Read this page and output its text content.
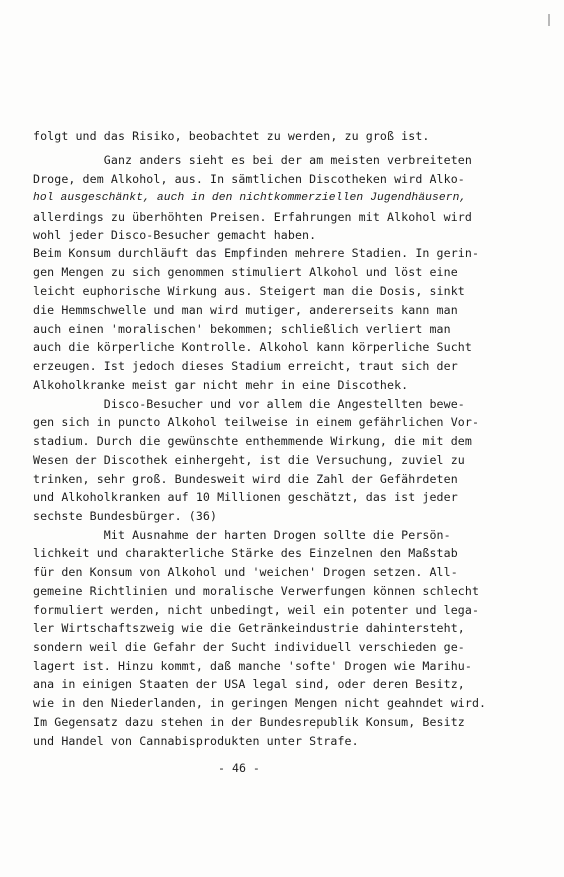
folgt und das Risiko, beobachtet zu werden, zu groß ist.
Ganz anders sieht es bei der am meisten verbreiteten
Droge, dem Alkohol, aus. In sämtlichen Discotheken wird Alko-
hol ausgeschänkt, auch in den nichtkommerziellen Jugendhäusern,
allerdings zu überhöhten Preisen. Erfahrungen mit Alkohol wird
wohl jeder Disco-Besucher gemacht haben.
Beim Konsum durchläuft das Empfinden mehrere Stadien. In gerin-
gen Mengen zu sich genommen stimuliert Alkohol und löst eine
leicht euphorische Wirkung aus. Steigert man die Dosis, sinkt
die Hemmschwelle und man wird mutiger, andererseits kann man
auch einen 'moralischen' bekommen; schließlich verliert man
auch die körperliche Kontrolle. Alkohol kann körperliche Sucht
erzeugen. Ist jedoch dieses Stadium erreicht, traut sich der
Alkoholkranke meist gar nicht mehr in eine Discothek.
Disco-Besucher und vor allem die Angestellten bewe-
gen sich in puncto Alkohol teilweise in einem gefährlichen Vor-
stadium. Durch die gewünschte enthemmende Wirkung, die mit dem
Wesen der Discothek einhergeht, ist die Versuchung, zuviel zu
trinken, sehr groß. Bundesweit wird die Zahl der Gefährdeten
und Alkoholkranken auf 10 Millionen geschätzt, das ist jeder
sechste Bundesbürger. (36)
Mit Ausnahme der harten Drogen sollte die Persön-
lichkeit und charakterliche Stärke des Einzelnen den Maßstab
für den Konsum von Alkohol und 'weichen' Drogen setzen. All-
gemeine Richtlinien und moralische Verwerfungen können schlecht
formuliert werden, nicht unbedingt, weil ein potenter und lega-
ler Wirtschaftszweig wie die Getränkeindustrie dahintersteht,
sondern weil die Gefahr der Sucht individuell verschieden ge-
lagert ist. Hinzu kommt, daß manche 'softe' Drogen wie Marihu-
ana in einigen Staaten der USA legal sind, oder deren Besitz,
wie in den Niederlanden, in geringen Mengen nicht geahndet wird.
Im Gegensatz dazu stehen in der Bundesrepublik Konsum, Besitz
und Handel von Cannabisprodukten unter Strafe.
- 46 -
